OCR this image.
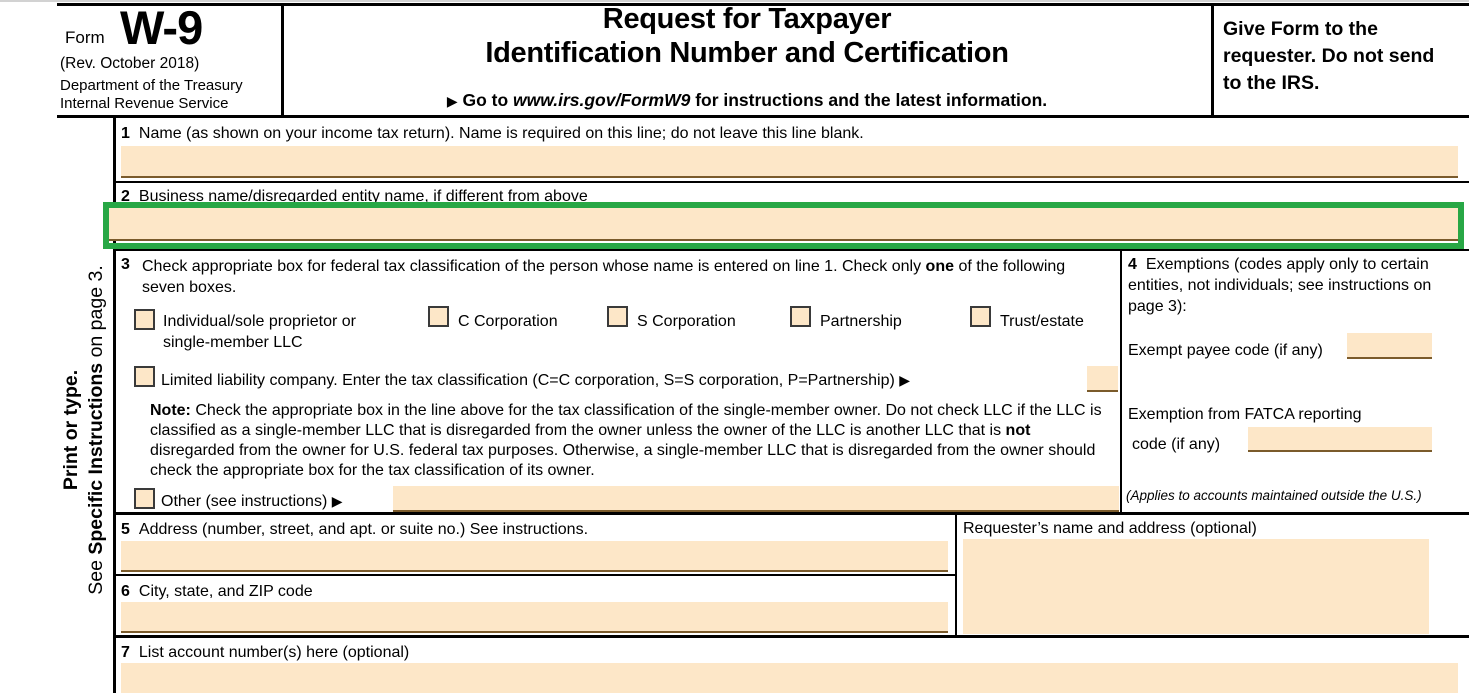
Form W-9
(Rev. October 2018)
Department of the Treasury
Internal Revenue Service
Request for Taxpayer
Identification Number and Certification
▶ Go to www.irs.gov/FormW9 for instructions and the latest information.
Give Form to the requester. Do not send to the IRS.
Print or type.
See Specific Instructions on page 3.
1 Name (as shown on your income tax return). Name is required on this line; do not leave this line blank.
2 Business name/disregarded entity name, if different from above
3 Check appropriate box for federal tax classification of the person whose name is entered on line 1. Check only one of the following seven boxes.
Individual/sole proprietor or
single-member LLC
C Corporation	S Corporation	Partnership	Trust/estate
Limited liability company. Enter the tax classification (C=C corporation, S=S corporation, P=Partnership) ▶
Note: Check the appropriate box in the line above for the tax classification of the single-member owner. Do not check LLC if the LLC is classified as a single-member LLC that is disregarded from the owner unless the owner of the LLC is another LLC that is not disregarded from the owner for U.S. federal tax purposes. Otherwise, a single-member LLC that is disregarded from the owner should check the appropriate box for the tax classification of its owner.
Other (see instructions) ▶
4 Exemptions (codes apply only to certain entities, not individuals; see instructions on page 3):
Exempt payee code (if any)
Exemption from FATCA reporting
code (if any)
(Applies to accounts maintained outside the U.S.)
5 Address (number, street, and apt. or suite no.) See instructions.	Requester’s name and address (optional)
6 City, state, and ZIP code
7 List account number(s) here (optional)
